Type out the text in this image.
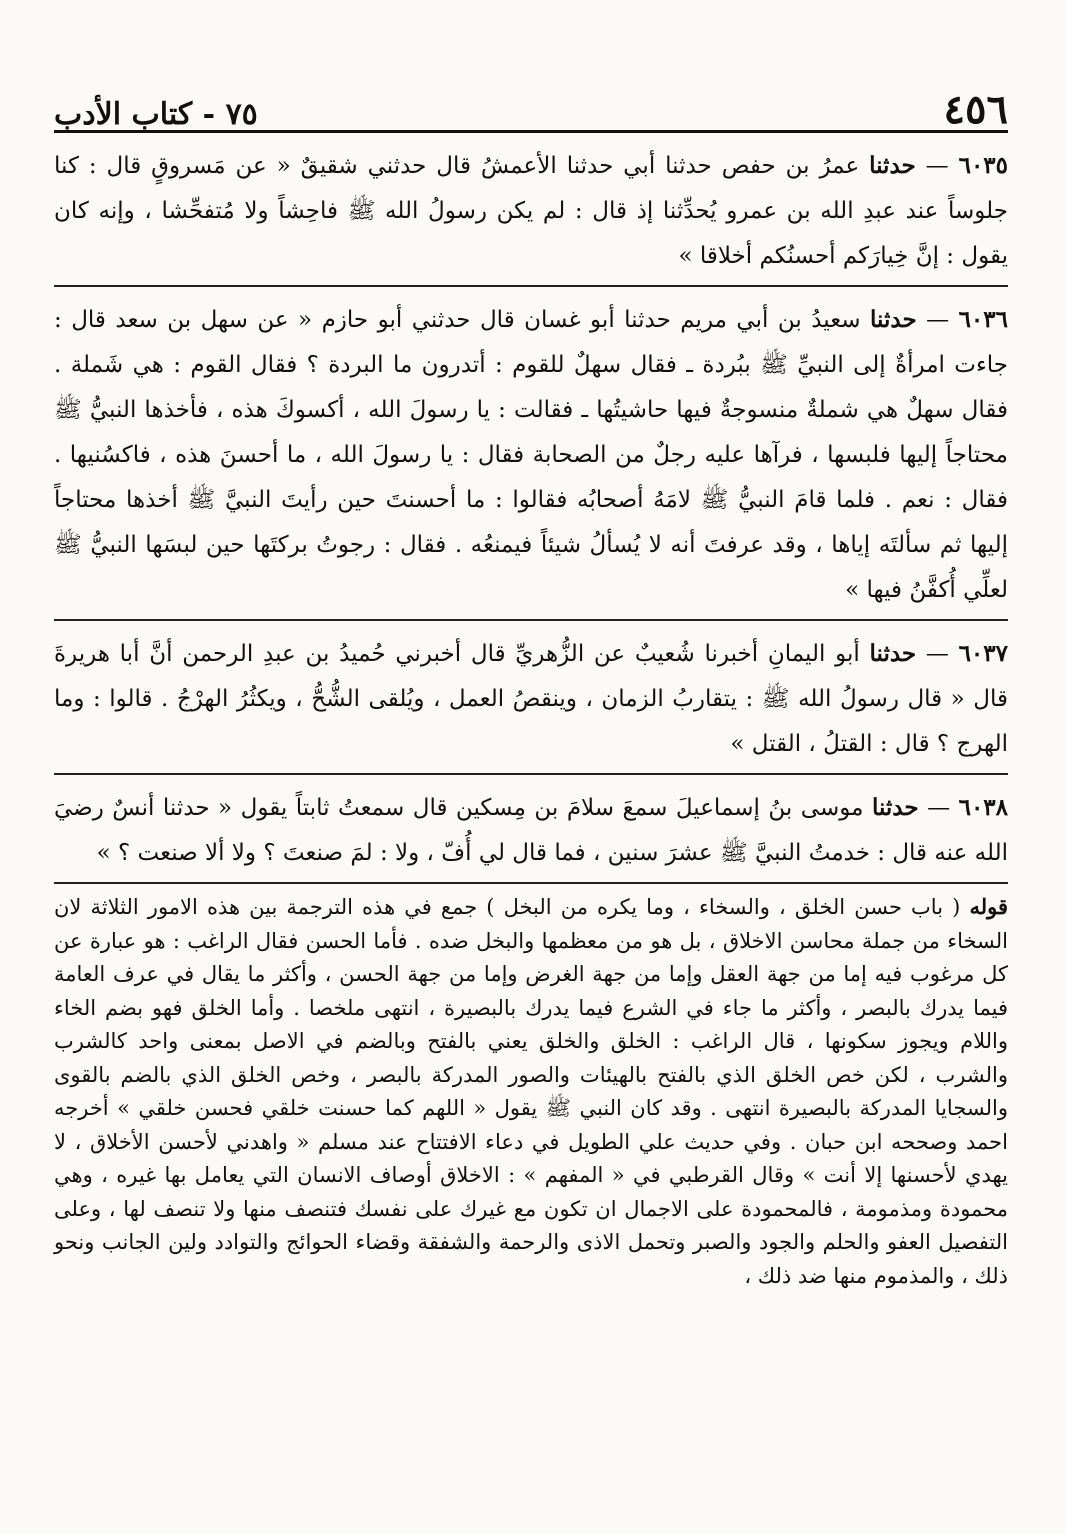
٤٥٦
٧٥ - كتاب الأدب
٦٠٣٥ — حدثنا عمرُ بن حفص حدثنا أبي حدثنا الأعمشُ قال حدثني شقيقٌ « عن مَسروقٍ قال : كنا جلوساً عند عبدِ الله بن عمرو يُحدِّثنا إذ قال : لم يكن رسولُ الله ﷺ فاحِشاً ولا مُتفحِّشا ، وإنه كان يقول : إنَّ خِيارَكم أحسنُكم أخلاقا »
٦٠٣٦ — حدثنا سعيدُ بن أبي مريم حدثنا أبو غسان قال حدثني أبو حازم « عن سهل بن سعد قال : جاءت امرأةٌ إلى النبيِّ ﷺ ببُردة ـ فقال سهلٌ للقوم : أتدرون ما البردة ؟ فقال القوم : هي شَملة . فقال سهلٌ هي شملةٌ منسوجةٌ فيها حاشيتُها ـ فقالت : يا رسولَ الله ، أكسوكَ هذه ، فأخذها النبيُّ ﷺ محتاجاً إليها فلبسها ، فرآها عليه رجلٌ من الصحابة فقال : يا رسولَ الله ، ما أحسنَ هذه ، فاكسُنيها . فقال : نعم . فلما قامَ النبيُّ ﷺ لامَهُ أصحابُه فقالوا : ما أحسنتَ حين رأيتَ النبيَّ ﷺ أخذها محتاجاً إليها ثم سألتَه إياها ، وقد عرفتَ أنه لا يُسألُ شيئاً فيمنعُه . فقال : رجوتُ بركتَها حين لبسَها النبيُّ ﷺ لعلِّي أُكفَّنُ فيها »
٦٠٣٧ — حدثنا أبو اليمانِ أخبرنا شُعيبٌ عن الزُّهريِّ قال أخبرني حُميدُ بن عبدِ الرحمن أنَّ أبا هريرةَ قال « قال رسولُ الله ﷺ : يتقاربُ الزمان ، وينقصُ العمل ، ويُلقى الشُّحُّ ، ويكثُرُ الهرْجُ . قالوا : وما الهرج ؟ قال : القتلُ ، القتل »
٦٠٣٨ — حدثنا موسى بنُ إسماعيلَ سمعَ سلامَ بن مِسكين قال سمعتُ ثابتاً يقول « حدثنا أنسٌ رضيَ الله عنه قال : خدمتُ النبيَّ ﷺ عشرَ سنين ، فما قال لي أُفّ ، ولا : لمَ صنعتَ ؟ ولا ألا صنعت ؟ »
قوله ( باب حسن الخلق ، والسخاء ، وما يكره من البخل ) جمع في هذه الترجمة بين هذه الامور الثلاثة لان السخاء من جملة محاسن الاخلاق ، بل هو من معظمها والبخل ضده . فأما الحسن فقال الراغب : هو عبارة عن كل مرغوب فيه إما من جهة العقل وإما من جهة الغرض وإما من جهة الحسن ، وأكثر ما يقال في عرف العامة فيما يدرك بالبصر ، وأكثر ما جاء في الشرع فيما يدرك بالبصيرة ، انتهى ملخصا . وأما الخلق فهو بضم الخاء واللام ويجوز سكونها ، قال الراغب : الخلق والخلق يعني بالفتح وبالضم في الاصل بمعنى واحد كالشرب والشرب ، لكن خص الخلق الذي بالفتح بالهيئات والصور المدركة بالبصر ، وخص الخلق الذي بالضم بالقوى والسجايا المدركة بالبصيرة انتهى . وقد كان النبي ﷺ يقول « اللهم كما حسنت خلقي فحسن خلقي » أخرجه احمد وصححه ابن حبان . وفي حديث علي الطويل في دعاء الافتتاح عند مسلم « واهدني لأحسن الأخلاق ، لا يهدي لأحسنها إلا أنت » وقال القرطبي في « المفهم » : الاخلاق أوصاف الانسان التي يعامل بها غيره ، وهي محمودة ومذمومة ، فالمحمودة على الاجمال ان تكون مع غيرك على نفسك فتنصف منها ولا تنصف لها ، وعلى التفصيل العفو والحلم والجود والصبر وتحمل الاذى والرحمة والشفقة وقضاء الحوائج والتوادد ولين الجانب ونحو ذلك ، والمذموم منها ضد ذلك ،
